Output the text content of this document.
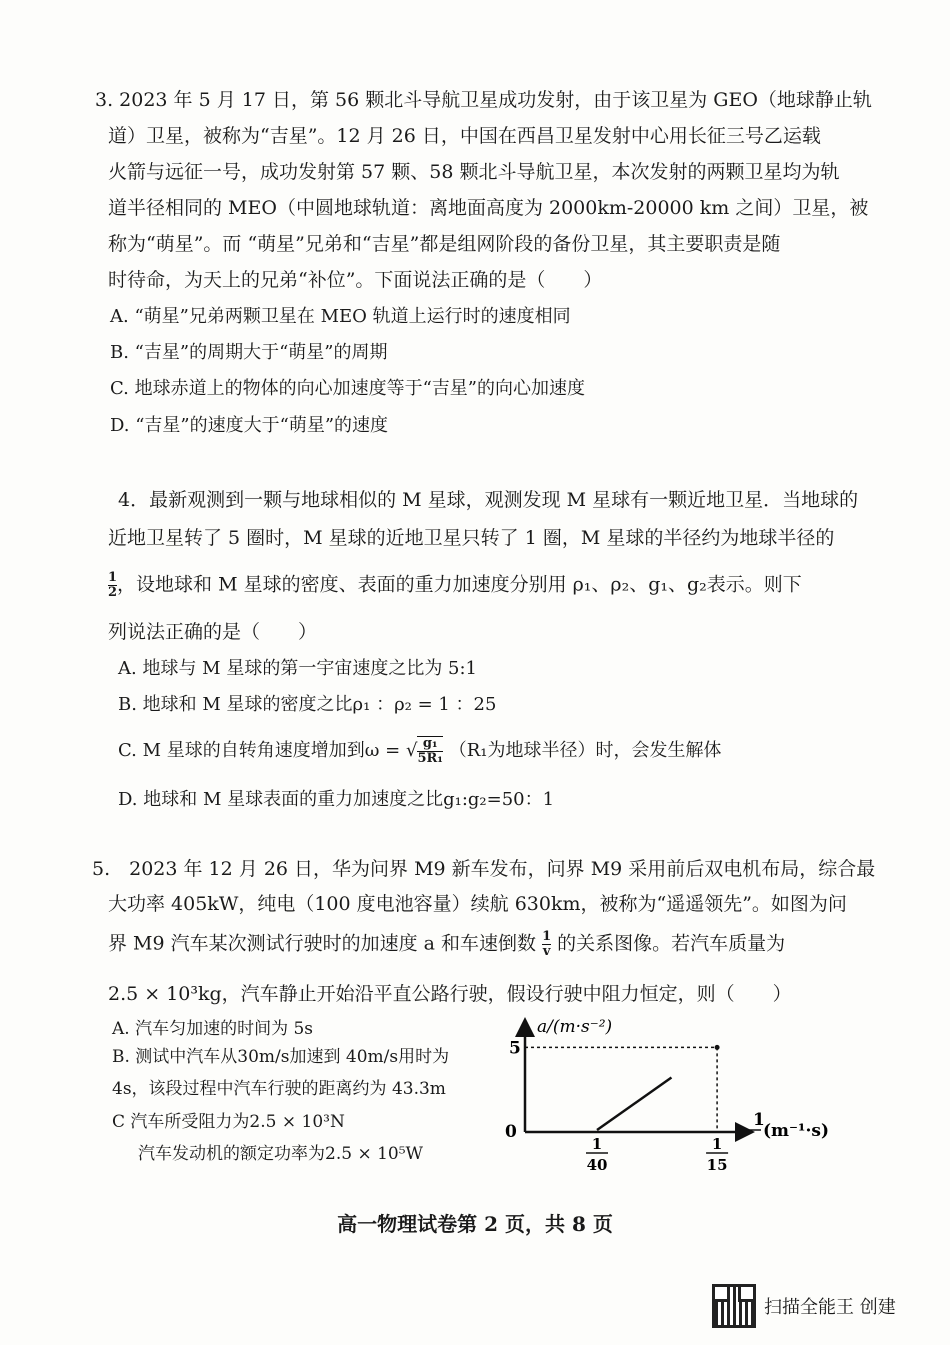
3. 2023 年 5 月 17 日，第 56 颗北斗导航卫星成功发射，由于该卫星为 GEO（地球静止轨
道）卫星，被称为“吉星”。12 月 26 日，中国在西昌卫星发射中心用长征三号乙运载
火箭与远征一号，成功发射第 57 颗、58 颗北斗导航卫星，本次发射的两颗卫星均为轨
道半径相同的 MEO（中圆地球轨道：离地面高度为 2000km-20000 km 之间）卫星，被
称为“萌星”。而 “萌星”兄弟和“吉星”都是组网阶段的备份卫星，其主要职责是随
时待命，为天上的兄弟“补位”。下面说法正确的是（　　）
A. “萌星”兄弟两颗卫星在 MEO 轨道上运行时的速度相同
B. “吉星”的周期大于“萌星”的周期
C. 地球赤道上的物体的向心加速度等于“吉星”的向心加速度
D. “吉星”的速度大于“萌星”的速度
4．最新观测到一颗与地球相似的 M 星球，观测发现 M 星球有一颗近地卫星．当地球的
近地卫星转了 5 圈时，M 星球的近地卫星只转了 1 圈，M 星球的半径约为地球半径的
$\frac{1}{2}$ ，设地球和 M 星球的密度、表面的重力加速度分别用 ρ₁、ρ₂、g₁、g₂表示。则下
列说法正确的是（　　）
A. 地球与 M 星球的第一宇宙速度之比为 5:1
B. 地球和 M 星球的密度之比ρ₁ ：ρ₂ = 1 ：25
C. M 星球的自转角速度增加到ω = √ $\frac{\text{g₁}}{\text{5R₁}} (R_1$为地球半径）时，会发生解体
D. 地球和 M 星球表面的重力加速度之比g₁:g₂=50：1
5.　2023 年 12 月 26 日，华为问界 M9 新车发布，问界 M9 采用前后双电机布局，综合最
大功率 405kW，纯电（100 度电池容量）续航 630km，被称为“遥遥领先”。如图为问
界 M9 汽车某次测试行驶时的加速度 a 和车速倒数 $\frac{1}{v}$ 的关系图像。若汽车质量为
2.5 × 10³kg，汽车静止开始沿平直公路行驶，假设行驶中阻力恒定，则（　　）
A. 汽车匀加速的时间为 5s
B. 测试中汽车从30m/s加速到 40m/s用时为
4s，该段过程中汽车行驶的距离约为 43.3m
C 汽车所受阻力为2.5 × 10³N
汽车发动机的额定功率为2.5 × 10⁵W
a/(m·s⁻²)
0
1
(m⁻¹·s)
5
1
40
1
15
高一物理试卷第 2 页，共 8 页
扫描全能王 创建
